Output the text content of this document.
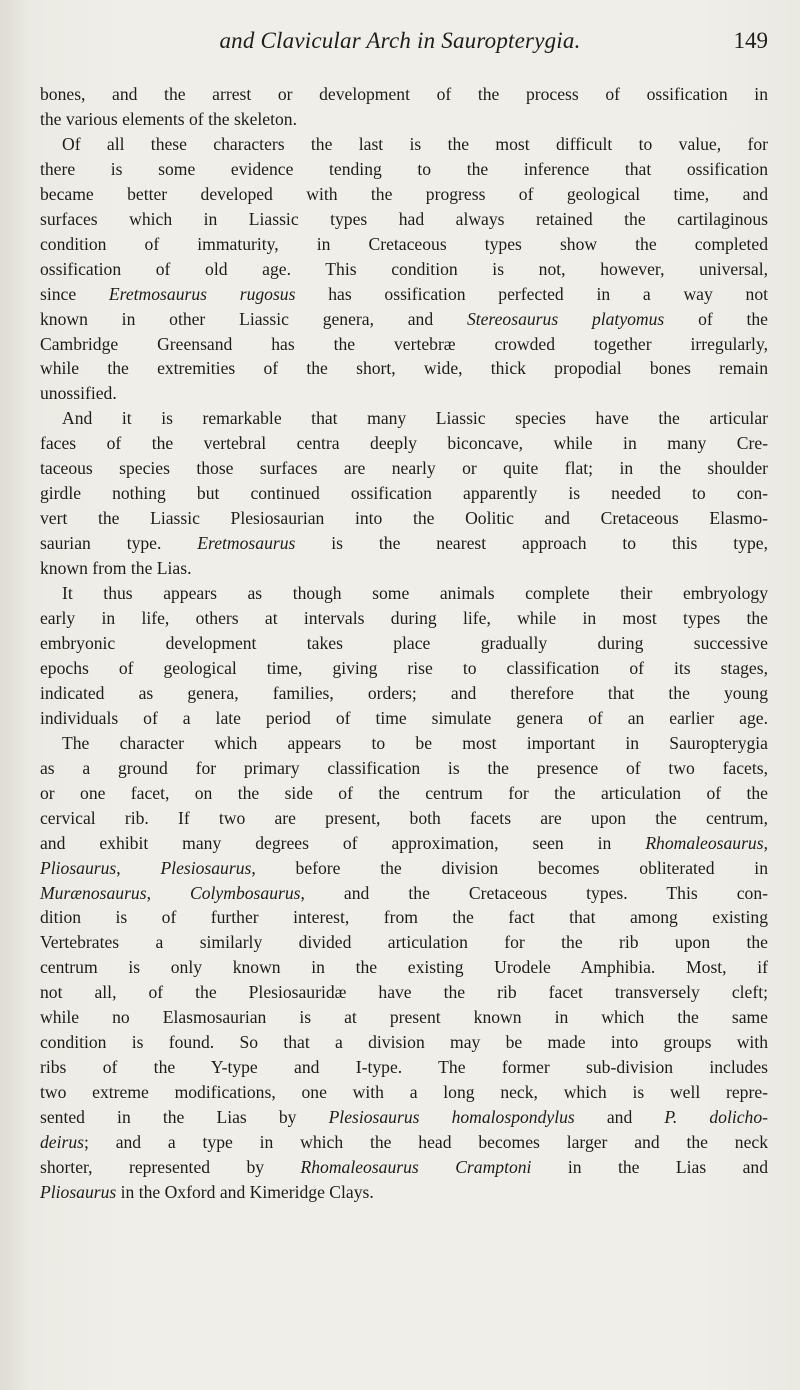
and Clavicular Arch in Sauropterygia.	149
bones, and the arrest or development of the process of ossification in
the various elements of the skeleton.
Of all these characters the last is the most difficult to value, for
there is some evidence tending to the inference that ossification
became better developed with the progress of geological time, and
surfaces which in Liassic types had always retained the cartilaginous
condition of immaturity, in Cretaceous types show the completed
ossification of old age. This condition is not, however, universal,
since Eretmosaurus rugosus has ossification perfected in a way not
known in other Liassic genera, and Stereosaurus platyomus of the
Cambridge Greensand has the vertebræ crowded together irregularly,
while the extremities of the short, wide, thick propodial bones remain
unossified.
And it is remarkable that many Liassic species have the articular
faces of the vertebral centra deeply biconcave, while in many Cre-
taceous species those surfaces are nearly or quite flat; in the shoulder
girdle nothing but continued ossification apparently is needed to con-
vert the Liassic Plesiosaurian into the Oolitic and Cretaceous Elasmo-
saurian type. Eretmosaurus is the nearest approach to this type,
known from the Lias.
It thus appears as though some animals complete their embryology
early in life, others at intervals during life, while in most types the
embryonic development takes place gradually during successive
epochs of geological time, giving rise to classification of its stages,
indicated as genera, families, orders; and therefore that the young
individuals of a late period of time simulate genera of an earlier age.
The character which appears to be most important in Sauropterygia
as a ground for primary classification is the presence of two facets,
or one facet, on the side of the centrum for the articulation of the
cervical rib. If two are present, both facets are upon the centrum,
and exhibit many degrees of approximation, seen in Rhomaleosaurus,
Pliosaurus, Plesiosaurus, before the division becomes obliterated in
Murænosaurus, Colymbosaurus, and the Cretaceous types. This con-
dition is of further interest, from the fact that among existing
Vertebrates a similarly divided articulation for the rib upon the
centrum is only known in the existing Urodele Amphibia. Most, if
not all, of the Plesiosauridæ have the rib facet transversely cleft;
while no Elasmosaurian is at present known in which the same
condition is found. So that a division may be made into groups with
ribs of the Y-type and I-type. The former sub-division includes
two extreme modifications, one with a long neck, which is well repre-
sented in the Lias by Plesiosaurus homalospondylus and P. dolicho-
deirus; and a type in which the head becomes larger and the neck
shorter, represented by Rhomaleosaurus Cramptoni in the Lias and
Pliosaurus in the Oxford and Kimeridge Clays.
